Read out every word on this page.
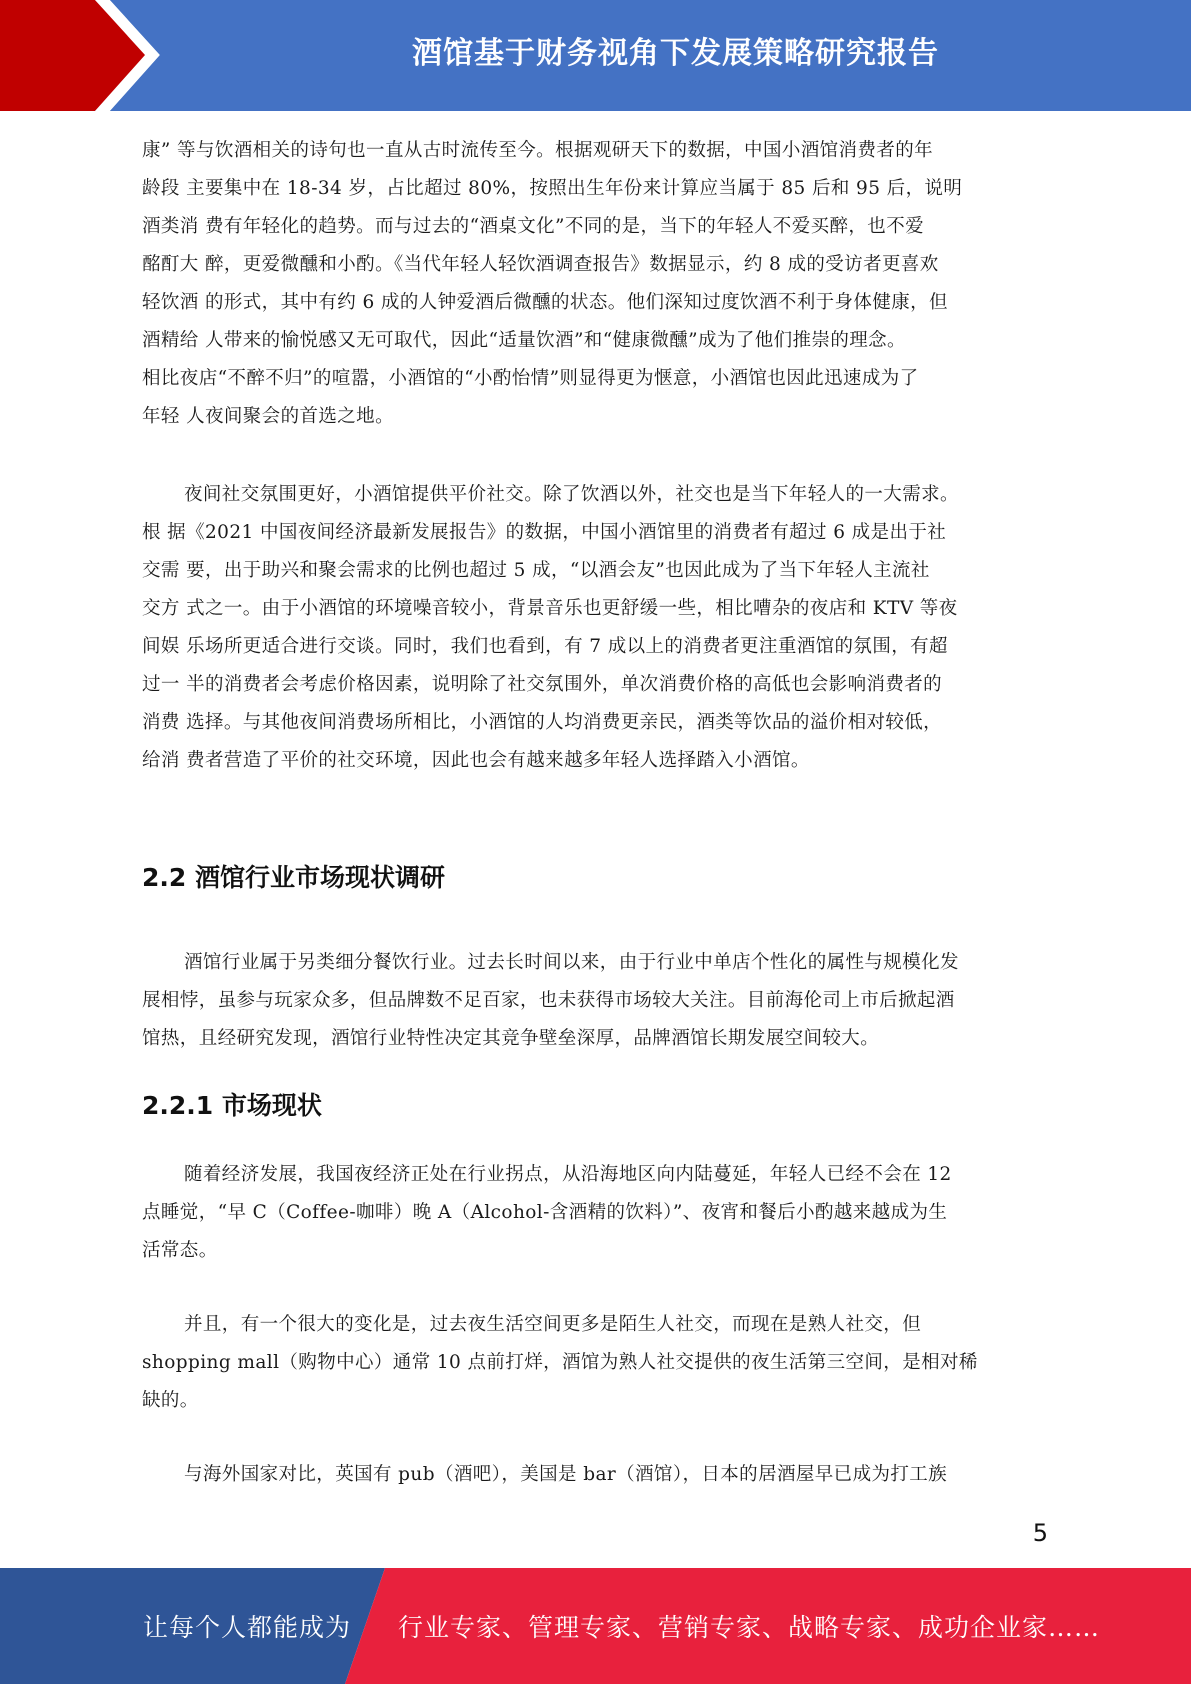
酒馆基于财务视角下发展策略研究报告
康” 等与饮酒相关的诗句也一直从古时流传至今。根据观研天下的数据，中国小酒馆消费者的年
龄段 主要集中在 18-34 岁，占比超过 80%，按照出生年份来计算应当属于 85 后和 95 后，说明
酒类消 费有年轻化的趋势。而与过去的“酒桌文化”不同的是，当下的年轻人不爱买醉，也不爱
酩酊大 醉，更爱微醺和小酌。《当代年轻人轻饮酒调查报告》数据显示，约 8 成的受访者更喜欢
轻饮酒 的形式，其中有约 6 成的人钟爱酒后微醺的状态。他们深知过度饮酒不利于身体健康，但
酒精给 人带来的愉悦感又无可取代，因此“适量饮酒”和“健康微醺”成为了他们推崇的理念。
相比夜店“不醉不归”的喧嚣，小酒馆的“小酌怡情”则显得更为惬意，小酒馆也因此迅速成为了
年轻 人夜间聚会的首选之地。
夜间社交氛围更好，小酒馆提供平价社交。除了饮酒以外，社交也是当下年轻人的一大需求。
根 据《2021 中国夜间经济最新发展报告》的数据，中国小酒馆里的消费者有超过 6 成是出于社
交需 要，出于助兴和聚会需求的比例也超过 5 成，“以酒会友”也因此成为了当下年轻人主流社
交方 式之一。由于小酒馆的环境噪音较小，背景音乐也更舒缓一些，相比嘈杂的夜店和 KTV 等夜
间娱 乐场所更适合进行交谈。同时，我们也看到，有 7 成以上的消费者更注重酒馆的氛围，有超
过一 半的消费者会考虑价格因素，说明除了社交氛围外，单次消费价格的高低也会影响消费者的
消费 选择。与其他夜间消费场所相比，小酒馆的人均消费更亲民，酒类等饮品的溢价相对较低，
给消 费者营造了平价的社交环境，因此也会有越来越多年轻人选择踏入小酒馆。
2.2 酒馆行业市场现状调研
酒馆行业属于另类细分餐饮行业。过去长时间以来，由于行业中单店个性化的属性与规模化发
展相悖，虽参与玩家众多，但品牌数不足百家，也未获得市场较大关注。目前海伦司上市后掀起酒
馆热，且经研究发现，酒馆行业特性决定其竞争壁垒深厚，品牌酒馆长期发展空间较大。
2.2.1 市场现状
随着经济发展，我国夜经济正处在行业拐点，从沿海地区向内陆蔓延，年轻人已经不会在 12
点睡觉，“早 C（Coffee-咖啡）晚 A（Alcohol-含酒精的饮料）”、夜宵和餐后小酌越来越成为生
活常态。
并且，有一个很大的变化是，过去夜生活空间更多是陌生人社交，而现在是熟人社交，但
shopping mall（购物中心）通常 10 点前打烊，酒馆为熟人社交提供的夜生活第三空间，是相对稀
缺的。
与海外国家对比，英国有 pub（酒吧），美国是 bar（酒馆），日本的居酒屋早已成为打工族
5
让每个人都能成为 行业专家、管理专家、营销专家、战略专家、成功企业家……
